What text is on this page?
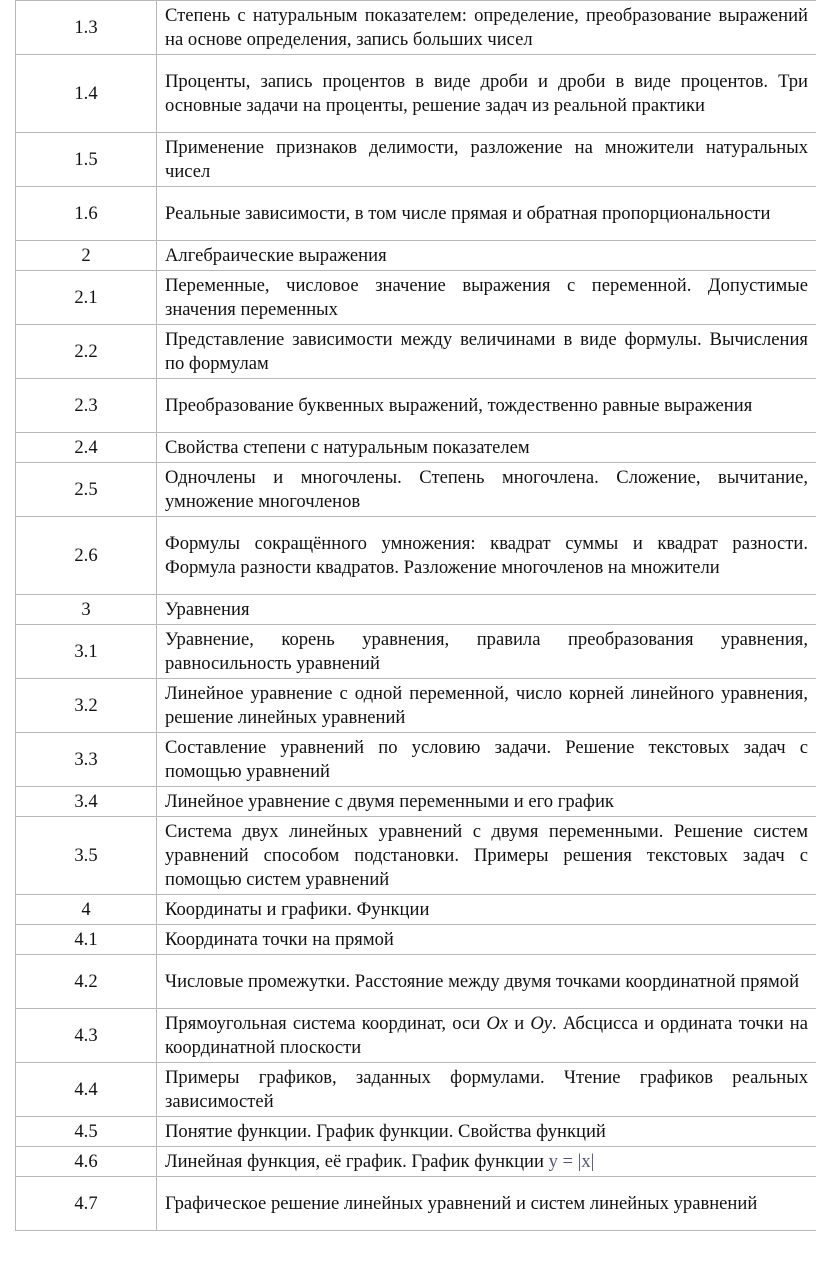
1.3	Степень с натуральным показателем: определение, преобразование выражений на основе определения, запись больших чисел
1.4	Проценты, запись процентов в виде дроби и дроби в виде процентов. Три основные задачи на проценты, решение задач из реальной практики
1.5	Применение признаков делимости, разложение на множители натуральных чисел
1.6	Реальные зависимости, в том числе прямая и обратная пропорциональности
2	Алгебраические выражения
2.1	Переменные, числовое значение выражения с переменной. Допустимые значения переменных
2.2	Представление зависимости между величинами в виде формулы. Вычисления по формулам
2.3	Преобразование буквенных выражений, тождественно равные выражения
2.4	Свойства степени с натуральным показателем
2.5	Одночлены и многочлены. Степень многочлена. Сложение, вычитание, умножение многочленов
2.6	Формулы сокращённого умножения: квадрат суммы и квадрат разности. Формула разности квадратов. Разложение многочленов на множители
3	Уравнения
3.1	Уравнение, корень уравнения, правила преобразования уравнения, равносильность уравнений
3.2	Линейное уравнение с одной переменной, число корней линейного уравнения, решение линейных уравнений
3.3	Составление уравнений по условию задачи. Решение текстовых задач с помощью уравнений
3.4	Линейное уравнение с двумя переменными и его график
3.5	Система двух линейных уравнений с двумя переменными. Решение систем уравнений способом подстановки. Примеры решения текстовых задач с помощью систем уравнений
4	Координаты и графики. Функции
4.1	Координата точки на прямой
4.2	Числовые промежутки. Расстояние между двумя точками координатной прямой
4.3	Прямоугольная система координат, оси Ox и Oy. Абсцисса и ордината точки на координатной плоскости
4.4	Примеры графиков, заданных формулами. Чтение графиков реальных зависимостей
4.5	Понятие функции. График функции. Свойства функций
4.6	Линейная функция, её график. График функции y = |x|
4.7	Графическое решение линейных уравнений и систем линейных уравнений
